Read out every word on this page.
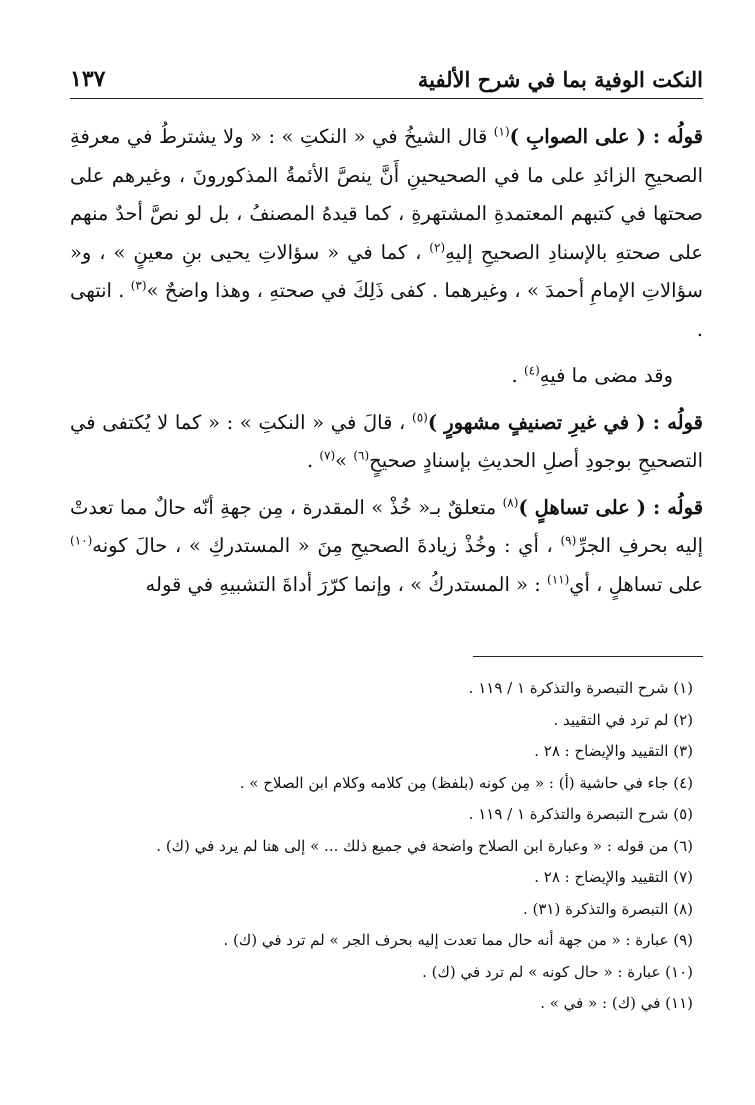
النكت الوفية بما في شرح الألفية
١٣٧

قولُه : ( على الصوابِ )$^{(١)}$ قال الشيخُ في « النكتِ » : « ولا يشترطُ في معرفةِ الصحيحِ الزائدِ على ما في الصحيحينِ أَنَّ ينصَّ الأئمةُ المذكورونَ ، وغيرهم على صحتها في كتبهم المعتمدةِ المشتهرةِ ، كما قيدهُ المصنفُ ، بل لو نصَّ أحدٌ منهم على صحتهِ بالإسنادِ الصحيحِ إليهِ$^{(٢)}$ ، كما في « سؤالاتِ يحيى بنِ معينٍ » ، و« سؤالاتِ الإمامِ أحمدَ » ، وغيرهما . كفى ذَلِكَ في صحتهِ ، وهذا واضحٌ »$^{(٣)}$ . انتهى .

وقد مضى ما فيهِ$^{(٤)}$ .

قولُه : ( في غيرِ تصنيفٍ مشهورٍ )$^{(٥)}$ ، قالَ في « النكتِ » : « كما لا يُكتفى في التصحيحِ بوجودِ أصلِ الحديثِ بإسنادٍ صحيحٍ$^{(٦)}$ »$^{(٧)}$ .

قولُه : ( على تساهلٍ )$^{(٨)}$ متعلقٌ بـ« خُذْ » المقدرة ، مِن جهةِ أنّه حالٌ مما تعدتْ إليه بحرفِ الجرِّ$^{(٩)}$ ، أي : وخُذْ زيادةَ الصحيحِ مِنَ « المستدركِ » ، حالَ كونه$^{(١٠)}$ على تساهلٍ ، أي$^{(١١)}$ : « المستدركُ » ، وإنما كرّرَ أداةَ التشبيهِ في قوله

(١) شرح التبصرة والتذكرة ١ / ١١٩ .
(٢) لم ترد في التقييد .
(٣) التقييد والإيضاح : ٢٨ .
(٤) جاء في حاشية (أ) : « مِن كونه (بلفظ) مِن كلامه وكلام ابن الصلاح » .
(٥) شرح التبصرة والتذكرة ١ / ١١٩ .
(٦) من قوله : « وعبارة ابن الصلاح واضحة في جميع ذلك ... » إلى هنا لم يرد في (ك) .
(٧) التقييد والإيضاح : ٢٨ .
(٨) التبصرة والتذكرة (٣١) .
(٩) عبارة : « من جهة أنه حال مما تعدت إليه بحرف الجر » لم ترد في (ك) .
(١٠) عبارة : « حال كونه » لم ترد في (ك) .
(١١) في (ك) : « في » .
